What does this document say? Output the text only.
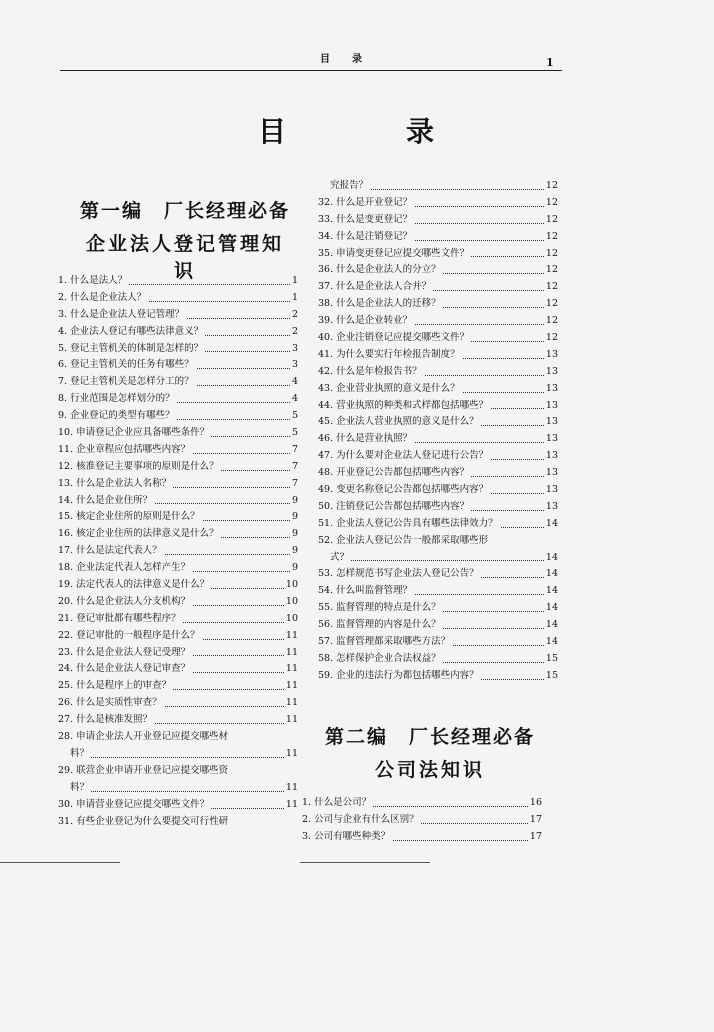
目录	1
目　录
第一编　厂长经理必备
企业法人登记管理知识
1. 什么是法人？	1
2. 什么是企业法人？	1
3. 什么是企业法人登记管理？	2
4. 企业法人登记有哪些法律意义？	2
5. 登记主管机关的体制是怎样的？	3
6. 登记主管机关的任务有哪些？	3
7. 登记主管机关是怎样分工的？	4
8. 行业范围是怎样划分的？	4
9. 企业登记的类型有哪些？	5
10. 申请登记企业应具备哪些条件？	5
11. 企业章程应包括哪些内容？	7
12. 核准登记主要事项的原则是什么？	7
13. 什么是企业法人名称？	7
14. 什么是企业住所？	9
15. 核定企业住所的原则是什么？	9
16. 核定企业住所的法律意义是什么？	9
17. 什么是法定代表人？	9
18. 企业法定代表人怎样产生？	9
19. 法定代表人的法律意义是什么？	10
20. 什么是企业法人分支机构？	10
21. 登记审批都有哪些程序？	10
22. 登记审批的一般程序是什么？	11
23. 什么是企业法人登记受理？	11
24. 什么是企业法人登记审查？	11
25. 什么是程序上的审查？	11
26. 什么是实质性审查？	11
27. 什么是核准发照？	11
28. 申请企业法人开业登记应提交哪些材
料？	11
29. 联营企业申请开业登记应提交哪些资
料？	11
30. 申请营业登记应提交哪些文件？	11
31. 有些企业登记为什么要提交可行性研
究报告？	12
32. 什么是开业登记？	12
33. 什么是变更登记？	12
34. 什么是注销登记？	12
35. 申请变更登记应提交哪些文件？	12
36. 什么是企业法人的分立？	12
37. 什么是企业法人合并？	12
38. 什么是企业法人的迁移？	12
39. 什么是企业转业？	12
40. 企业注销登记应提交哪些文件？	12
41. 为什么要实行年检报告制度？	13
42. 什么是年检报告书？	13
43. 企业营业执照的意义是什么？	13
44. 营业执照的种类和式样都包括哪些？	13
45. 企业法人营业执照的意义是什么？	13
46. 什么是营业执照？	13
47. 为什么要对企业法人登记进行公告？	13
48. 开业登记公告都包括哪些内容？	13
49. 变更名称登记公告都包括哪些内容？	13
50. 注销登记公告都包括哪些内容？	13
51. 企业法人登记公告具有哪些法律效力？	14
52. 企业法人登记公告一般都采取哪些形
式？	14
53. 怎样规范书写企业法人登记公告？	14
54. 什么叫监督管理？	14
55. 监督管理的特点是什么？	14
56. 监督管理的内容是什么？	14
57. 监督管理都采取哪些方法？	14
58. 怎样保护企业合法权益？	15
59. 企业的违法行为都包括哪些内容？	15
第二编　厂长经理必备
公司法知识
1. 什么是公司？	16
2. 公司与企业有什么区别？	17
3. 公司有哪些种类？	17
